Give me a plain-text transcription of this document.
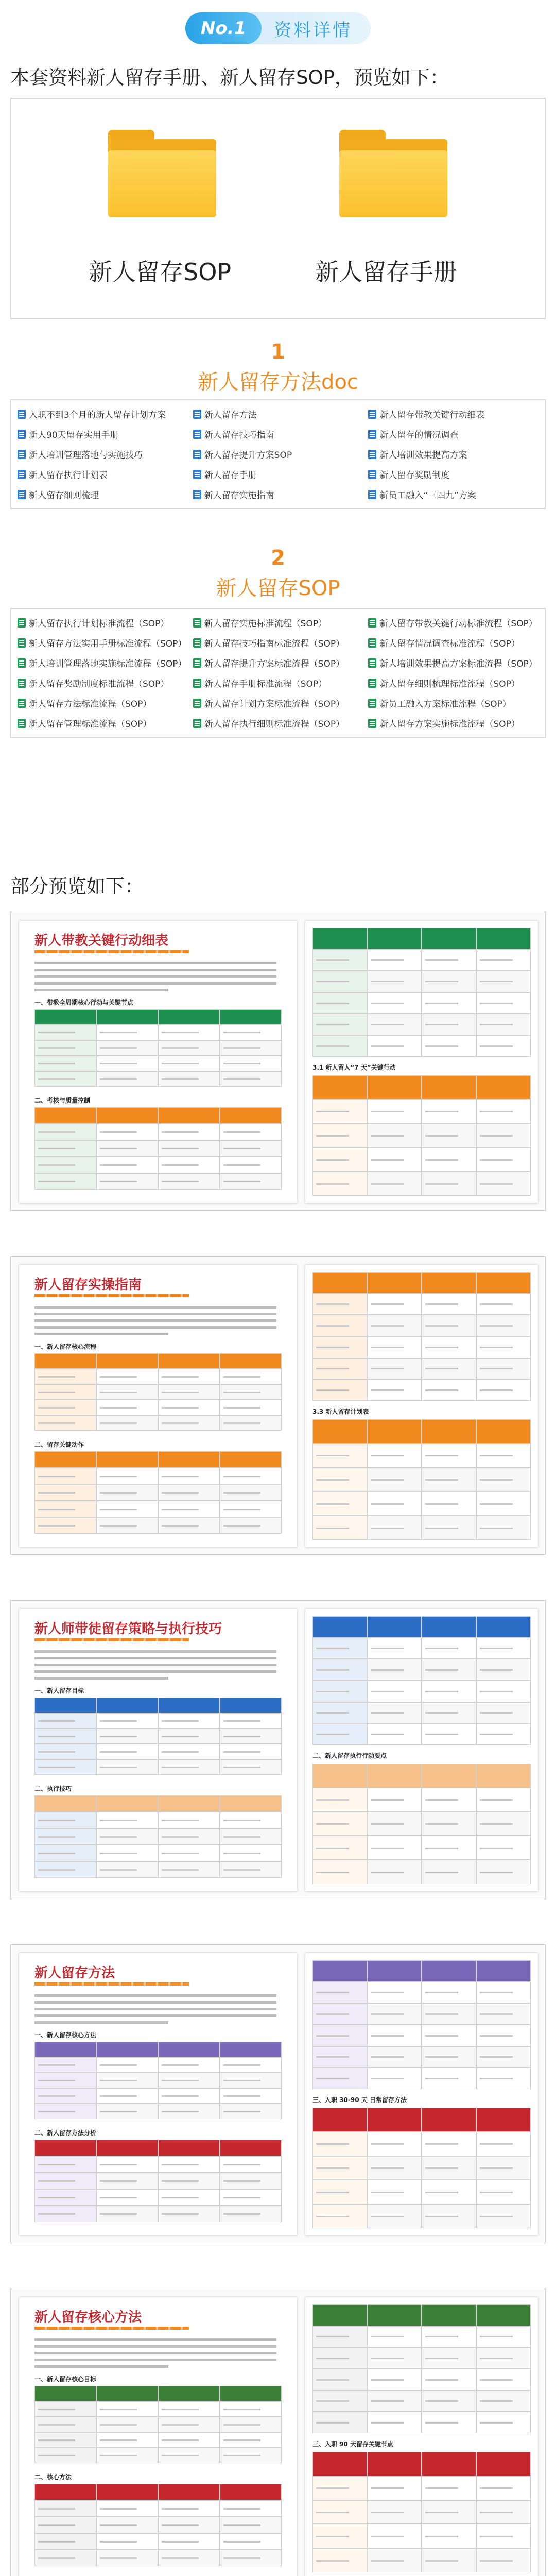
No.1	资料详情
本套资料新人留存手册、新人留存SOP，预览如下：
新人留存SOP	新人留存手册
1
新人留存方法doc
入职不到3个月的新人留存计划方案	新人留存方法	新人留存带教关键行动细表
新人90天留存实用手册	新人留存技巧指南	新人留存的情况调查
新人培训管理落地与实施技巧	新人留存提升方案SOP	新人培训效果提高方案
新人留存执行计划表	新人留存手册	新人留存奖励制度
新人留存细则梳理	新人留存实施指南	新员工融入“三四九”方案
2
新人留存SOP
新人留存执行计划标准流程（SOP）	新人留存实施标准流程（SOP）	新人留存带教关键行动标准流程（SOP）
新人留存方法实用手册标准流程（SOP） 新人留存技巧指南标准流程（SOP）	新人留存情况调查标准流程（SOP）
新人培训管理落地实施标准流程（SOP） 新人留存提升方案标准流程（SOP）	新人培训效果提高方案标准流程（SOP）
新人留存奖励制度标准流程（SOP）	新人留存手册标准流程（SOP）	新人留存细则梳理标准流程（SOP）
新人留存方法标准流程（SOP）	新人留存计划方案标准流程（SOP）	新员工融入方案标准流程（SOP）
新人留存管理标准流程（SOP）	新人留存执行细则标准流程（SOP）	新人留存方案实施标准流程（SOP）
部分预览如下：
新人带教关键行动细表
一、带教全周期核心行动与关键节点
二、考核与质量控制
3.1 新人留人“7 天”关键行动
新人留存实操指南
一、新人留存核心流程
二、留存关键动作
3.3 新人留存计划表
新人师带徒留存策略与执行技巧
一、新人留存目标
二、执行技巧
二、新人留存执行行动要点
新人留存方法
一、新人留存核心方法
二、新人留存方法分析
三、入职 30-90 天 日常留存方法
新人留存核心方法
一、新人留存核心目标
二、核心方法
三、入职 90 天留存关键节点
